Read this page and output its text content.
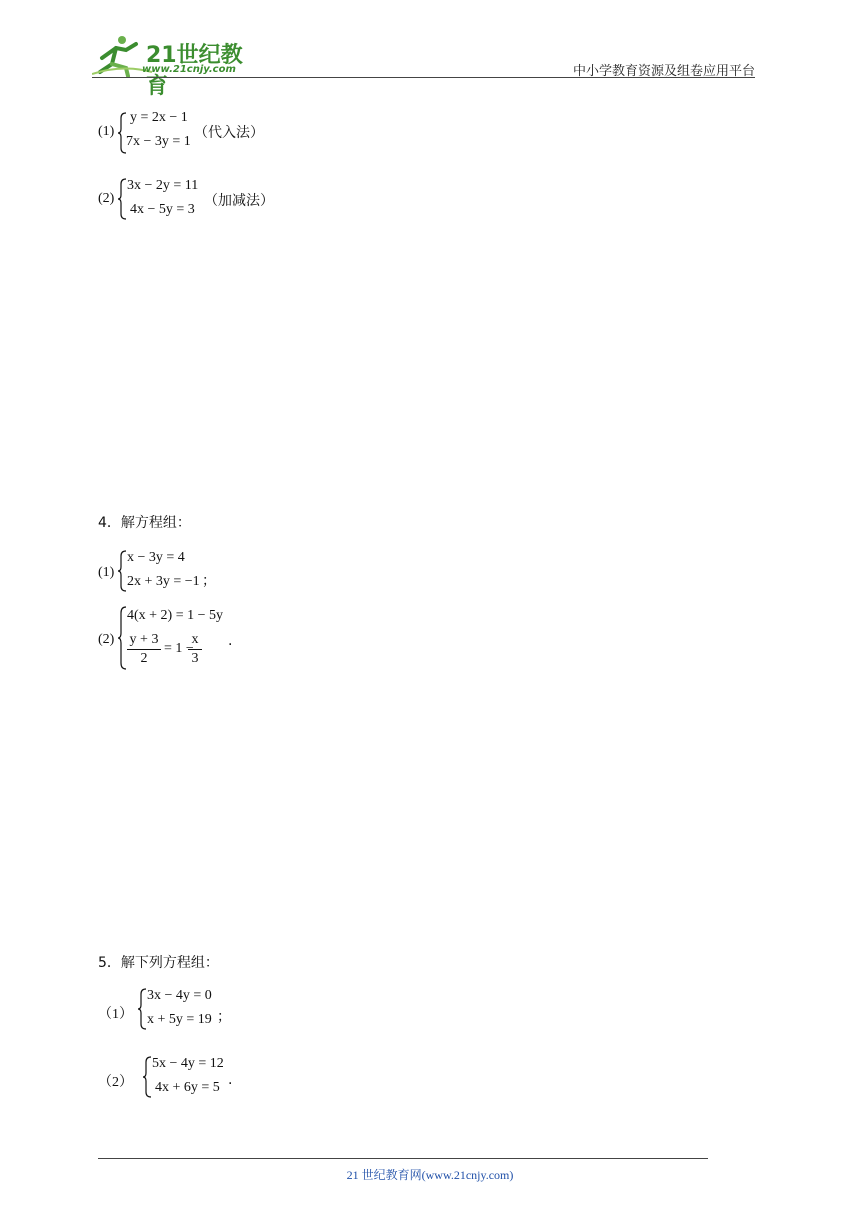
21世纪教育
www.21cnjy.com	中小学教育资源及组卷应用平台
(1)
y = 2x − 1
7x − 3y = 1
（代入法）
(2)
3x − 2y = 11
4x − 5y = 3
（加减法）
4．解方程组：
(1)
x − 3y = 4
2x + 3y = −1 ；
(2)
4(x + 2) = 1 − 5y
y + 3
2
= 1 −
x
3
.
5．解下列方程组：
（1）
3x − 4y = 0
x + 5y = 19 ；
（2）
5x − 4y = 12
4x + 6y = 5 .
21 世纪教育网(www.21cnjy.com)
